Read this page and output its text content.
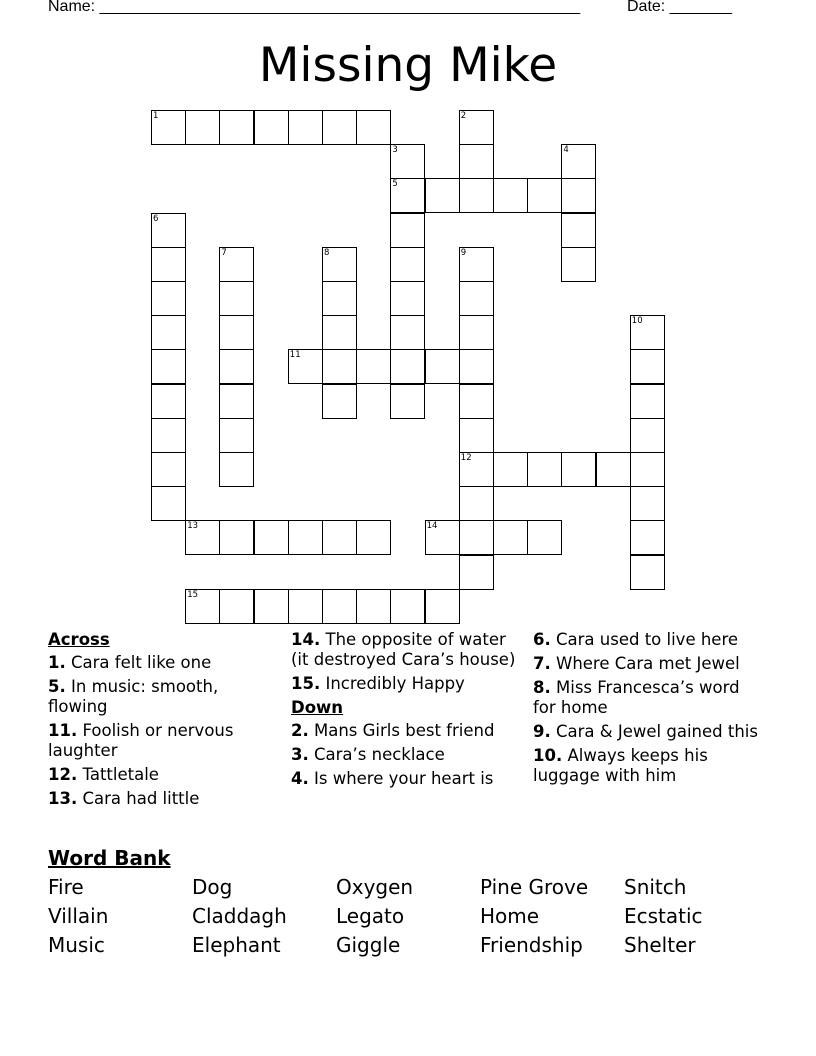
Name: ______________________________________________________	Date: _______
Missing Mike
1	2
3
5
4
6
7	8	9
12
10
11
13	14
15
Across
1. Cara felt like one
5. In music: smooth, flowing
11. Foolish or nervous laughter
12. Tattletale
13. Cara had little
14. The opposite of water (it destroyed Cara’s house)
15. Incredibly Happy
Down
2. Mans Girls best friend
3. Cara’s necklace
4. Is where your heart is
6. Cara used to live here
7. Where Cara met Jewel
8. Miss Francesca’s word for home
9. Cara & Jewel gained this
10. Always keeps his luggage with him
Word Bank
Fire	Dog	Oxygen	Pine Grove	Snitch
Villain	Claddagh	Legato	Home	Ecstatic
Music	Elephant	Giggle	Friendship	Shelter
